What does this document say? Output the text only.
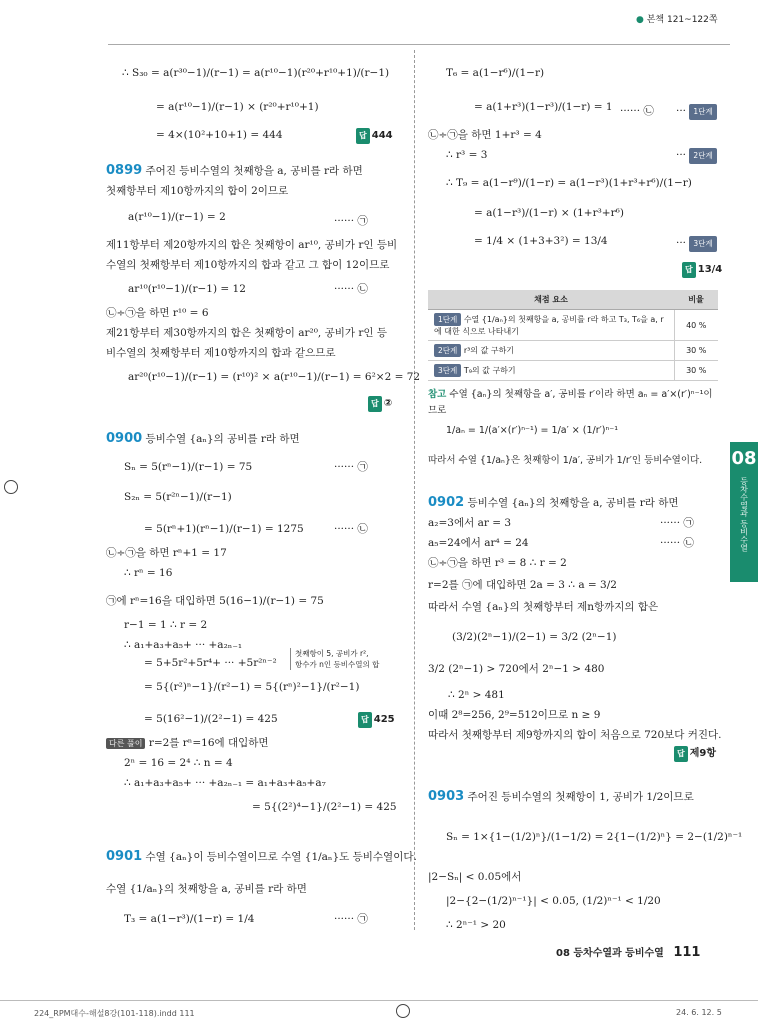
● 본책 121~122쪽
∴ S₃₀ = a(r³⁰−1)/(r−1) = a(r¹⁰−1)(r²⁰+r¹⁰+1)/(r−1)
= a(r¹⁰−1)/(r−1) × (r²⁰+r¹⁰+1)
= 4×(10²+10+1) = 444	답 444
0899 주어진 등비수열의 첫째항을 a, 공비를 r라 하면
첫째항부터 제10항까지의 합이 2이므로
a(r¹⁰−1)/(r−1) = 2	······ ㉠
제11항부터 제20항까지의 합은 첫째항이 ar¹⁰, 공비가 r인 등비
수열의 첫째항부터 제10항까지의 합과 같고 그 합이 12이므로
ar¹⁰(r¹⁰−1)/(r−1) = 12	······ ㉡
㉡÷㉠을 하면 r¹⁰ = 6
제21항부터 제30항까지의 합은 첫째항이 ar²⁰, 공비가 r인 등
비수열의 첫째항부터 제10항까지의 합과 같으므로
ar²⁰(r¹⁰−1)/(r−1) = (r¹⁰)² × a(r¹⁰−1)/(r−1) = 6²×2 = 72
답 ②
0900 등비수열 {aₙ}의 공비를 r라 하면
Sₙ = 5(rⁿ−1)/(r−1) = 75	······ ㉠
S₂ₙ = 5(r²ⁿ−1)/(r−1)
= 5(rⁿ+1)(rⁿ−1)/(r−1) = 1275	······ ㉡
㉡÷㉠을 하면 rⁿ+1 = 17
∴ rⁿ = 16
㉠에 rⁿ=16을 대입하면 5(16−1)/(r−1) = 75
r−1 = 1 ∴ r = 2
∴ a₁+a₃+a₅+ ··· +a₂ₙ₋₁
= 5+5r²+5r⁴+ ··· +5r²ⁿ⁻²
첫째항이 5, 공비가 r²,
항수가 n인 등비수열의 합
= 5{(r²)ⁿ−1}/(r²−1) = 5{(rⁿ)²−1}/(r²−1)
= 5(16²−1)/(2²−1) = 425	답 425
다른 풀이 r=2를 rⁿ=16에 대입하면
2ⁿ = 16 = 2⁴ ∴ n = 4
∴ a₁+a₃+a₅+ ··· +a₂ₙ₋₁ = a₁+a₃+a₅+a₇
= 5{(2²)⁴−1}/(2²−1) = 425
0901 수열 {aₙ}이 등비수열이므로 수열 {1/aₙ}도 등비수열이다.
수열 {1/aₙ}의 첫째항을 a, 공비를 r라 하면
T₃ = a(1−r³)/(1−r) = 1/4	······ ㉠
T₆ = a(1−r⁶)/(1−r)
= a(1+r³)(1−r³)/(1−r) = 1 ······ ㉡ ··· 1단계
㉡÷㉠을 하면 1+r³ = 4
∴ r³ = 3	··· 2단계
∴ T₉ = a(1−r⁹)/(1−r) = a(1−r³)(1+r³+r⁶)/(1−r)
= a(1−r³)/(1−r) × (1+r³+r⁶)
= 1/4 × (1+3+3²) = 13/4	··· 3단계
답 13/4
채점 요소	비율
1단계 수열 {1/aₙ}의 첫째항을 a, 공비를 r라 하고 T₃, T₆을 a, r에 대한 식으로 나타내기	40 %
2단계 r³의 값 구하기	30 %
3단계 T₉의 값 구하기	30 %
참고 수열 {aₙ}의 첫째항을 a′, 공비를 r′이라 하면 aₙ = a′×(r′)ⁿ⁻¹이
므로
1/aₙ = 1/(a′×(r′)ⁿ⁻¹) = 1/a′ × (1/r′)ⁿ⁻¹
따라서 수열 {1/aₙ}은 첫째항이 1/a′, 공비가 1/r′인 등비수열이다.
0902 등비수열 {aₙ}의 첫째항을 a, 공비를 r라 하면
a₂=3에서 ar = 3	······ ㉠
a₅=24에서 ar⁴ = 24	······ ㉡
㉡÷㉠을 하면 r³ = 8 ∴ r = 2
r=2를 ㉠에 대입하면 2a = 3 ∴ a = 3/2
따라서 수열 {aₙ}의 첫째항부터 제n항까지의 합은
(3/2)(2ⁿ−1)/(2−1) = 3/2 (2ⁿ−1)
3/2 (2ⁿ−1) > 720에서 2ⁿ−1 > 480
∴ 2ⁿ > 481
이때 2⁸=256, 2⁹=512이므로 n ≥ 9
따라서 첫째항부터 제9항까지의 합이 처음으로 720보다 커진다.
답 제9항
0903 주어진 등비수열의 첫째항이 1, 공비가 1/2이므로
Sₙ = 1×{1−(1/2)ⁿ}/(1−1/2) = 2{1−(1/2)ⁿ} = 2−(1/2)ⁿ⁻¹
|2−Sₙ| < 0.05에서
|2−{2−(1/2)ⁿ⁻¹}| < 0.05, (1/2)ⁿ⁻¹ < 1/20
∴ 2ⁿ⁻¹ > 20
08
등차수열과 등비수열
08 등차수열과 등비수열 111
224_RPM대수-해설8강(101-118).indd 111	24. 6. 12. 5
